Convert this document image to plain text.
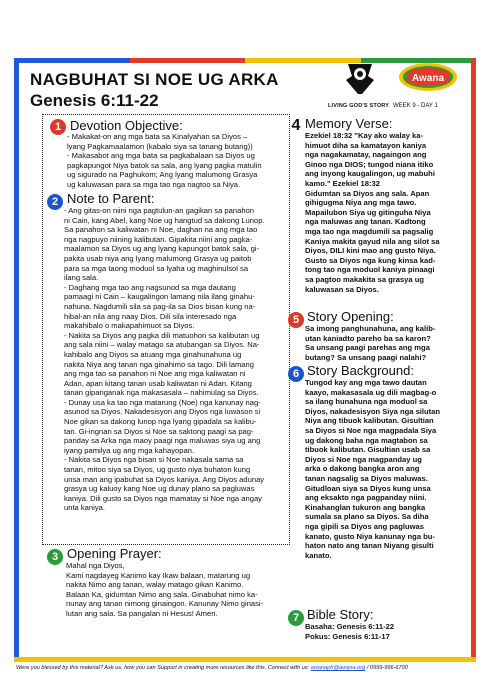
NAGBUHAT SI NOE UG ARKA
Genesis 6:11-22	LIVING GOD'S STORY
Awana
WEEK 9 - DAY 1
1 Devotion Objective:
- Makakat-on ang mga bata sa Kinalyahan sa Diyos –
lyang Pagkamaalamon (kabalo siya sa tanang butang))
- Makasabot ang mga bata sa pagkabalaan sa Diyos ug
pagkapungot Niya batok sa sala, ang lyang pagka matulin
ug sigurado na Paghukom; Ang lyang malumong Grasya
ug kaluwasan para sa mga tao nga nagtoo sa Niya.
2 Note to Parent:
- Ang gitas-on niini nga pagtulun-an gagikan sa panahon
ni Cain, kang Abel, kang Noe ug hangtud sa dakong Lunop.
Sa panahon sa kaliwatan ni Noe, daghan na ang mga tao
nga nagpuyo niining kalibutan. Gipakita niini ang pagka-
maalamon sa Diyos ug ang lyang kapungot batok sala, gi-
pakita usab niya ang lyang malumong Grasya ug paitob
para sa mga taong moduol sa lyaha ug maghinulsol sa
ilang sala.
- Daghang mga tao ang nagsunod sa mga dautang
pamaagi ni Cain – kaugalingon lamang nila ilang ginahu-
nahuna. Nagdumili sila sa pag-ila sa Dios bisan kung na-
hibal-an nila ang naay Dios. Dili sila interesado nga
makahibalo o makapahimuot sa Diyos.
- Nakita sa Diyos ang pagka dili matuohon sa kalibutan ug
ang sala niini – walay matago sa atubangan sa Diyos. Na-
kahibalo ang Diyos sa atuang mga ginahunahuna ug
nakita Niya ang tanan nga ginahimo sa tago. Dili lamang
ang mga tao sa panahon ni Noe ang mga kaliwatan ni
Adan, apan kitang tanan usab kaliwatan ni Adan. Kitang
tanan gipanganak nga makasasala – nahimulag sa Diyos.
- Dunay usa ka tao nga matarung (Noe) nga kanunay nag-
asunod sa Diyos. Nakadesisyon ang Diyos nga luwason si
Noe gikan sa dakong lunop nga lyang gipadala sa kalibu-
tan. Gi-ingnan sa Diyos si Noe sa saktong paagi sa pag-
panday sa Arka nga maoy paagi nga maluwas siya ug ang
iyang pamilya ug ang mga kahayopan.
- Nakita sa Diyos nga bisan si Noe nakasala sama sa
tanan, mitoo siya sa Diyos, ug gusto niya buhaton kung
unsa man ang ipabuhat sa Diyos kaniya. Ang Diyos adunay
grasya ug kaluoy kang Noe ug dunay plano sa pagluwas
kaniya. Dili gusto sa Diyos nga mamatay si Noe nga angay
unta kaniya.
3 Opening Prayer:
Mahal nga Diyos,
Kami nagdayeg Kanimo kay Ikaw balaan, matarung ug
nakita Nimo ang tanan, walay matago gikan Kanimo.
Balaan Ka, gidumtan Nimo ang sala. Ginabuhat nimo ka-
nunay ang tanan nimong ginaingon. Kanunay Nimo ginasi-
lutan ang sala. Sa pangalan ni Hesus! Amen.
4 Memory Verse:
Ezekiel 18:32 "Kay ako walay ka-
himuot diha sa kamatayon kaniya
nga nagakamatay, nagaingon ang
Ginoo nga DIOS; tungod niana itiko
ang inyong kaugalingon, ug mabuhi
kamo." Ezekiel 18:32
Gidumtan sa Diyos ang sala. Apan
gihigugma Niya ang mga tawo.
Mapailubon Siya ug gitinguha Niya
nga maluwas ang tanan. Kadtong
mga tao nga magdumili sa pagsalig
Kaniya makita gayud nila ang silot sa
Diyos, DILI kini mao ang gusto Niya.
Gusto sa Diyos nga kung kinsa kad-
tong tao nga moduol kaniya pinaagi
sa pagtoo makakita sa grasya ug
kaluwasan sa Diyos.
5 Story Opening:
Sa imong panghunahuna, ang kalib-
utan kaniadto pareho ba sa karon?
Sa unsang paagi parehas ang mga
butang? Sa unsang paagi nalahi?
6 Story Background:
Tungod kay ang mga tawo dautan
kaayo, makasasala ug dili magbag-o
sa ilang hunahuna nga moduol sa
Diyos, nakadesisyon Siya nga silutan
Niya ang tibuok kalibutan. Gisultian
sa Diyos si Noe nga magpadala Siya
ug dakong baha nga magtabon sa
tibuok kalibutan. Gisultian usab sa
Diyos si Noe nga magpanday ug
arka o dakong bangka aron ang
tanan nagsalig sa Diyos maluwas.
Gitudloan siya sa Diyos kung unsa
ang eksakto nga pagpanday niini.
Kinahanglan tukuron ang bangka
sumala sa plano sa Diyos. Sa diha
nga gipili sa Diyos ang pagluwas
kanato, gusto Niya kanunay nga bu-
haton nato ang tanan Niyang gisulti
kanato.
7 Bible Story:
Basaha: Genesis 6:11-22
Pokus: Genesis 6:11-17
Were you blessed by this material? Ask us, how you can Support in creating more resources like this. Connect with us: awanaph@awana.org / 0999-996-6700
